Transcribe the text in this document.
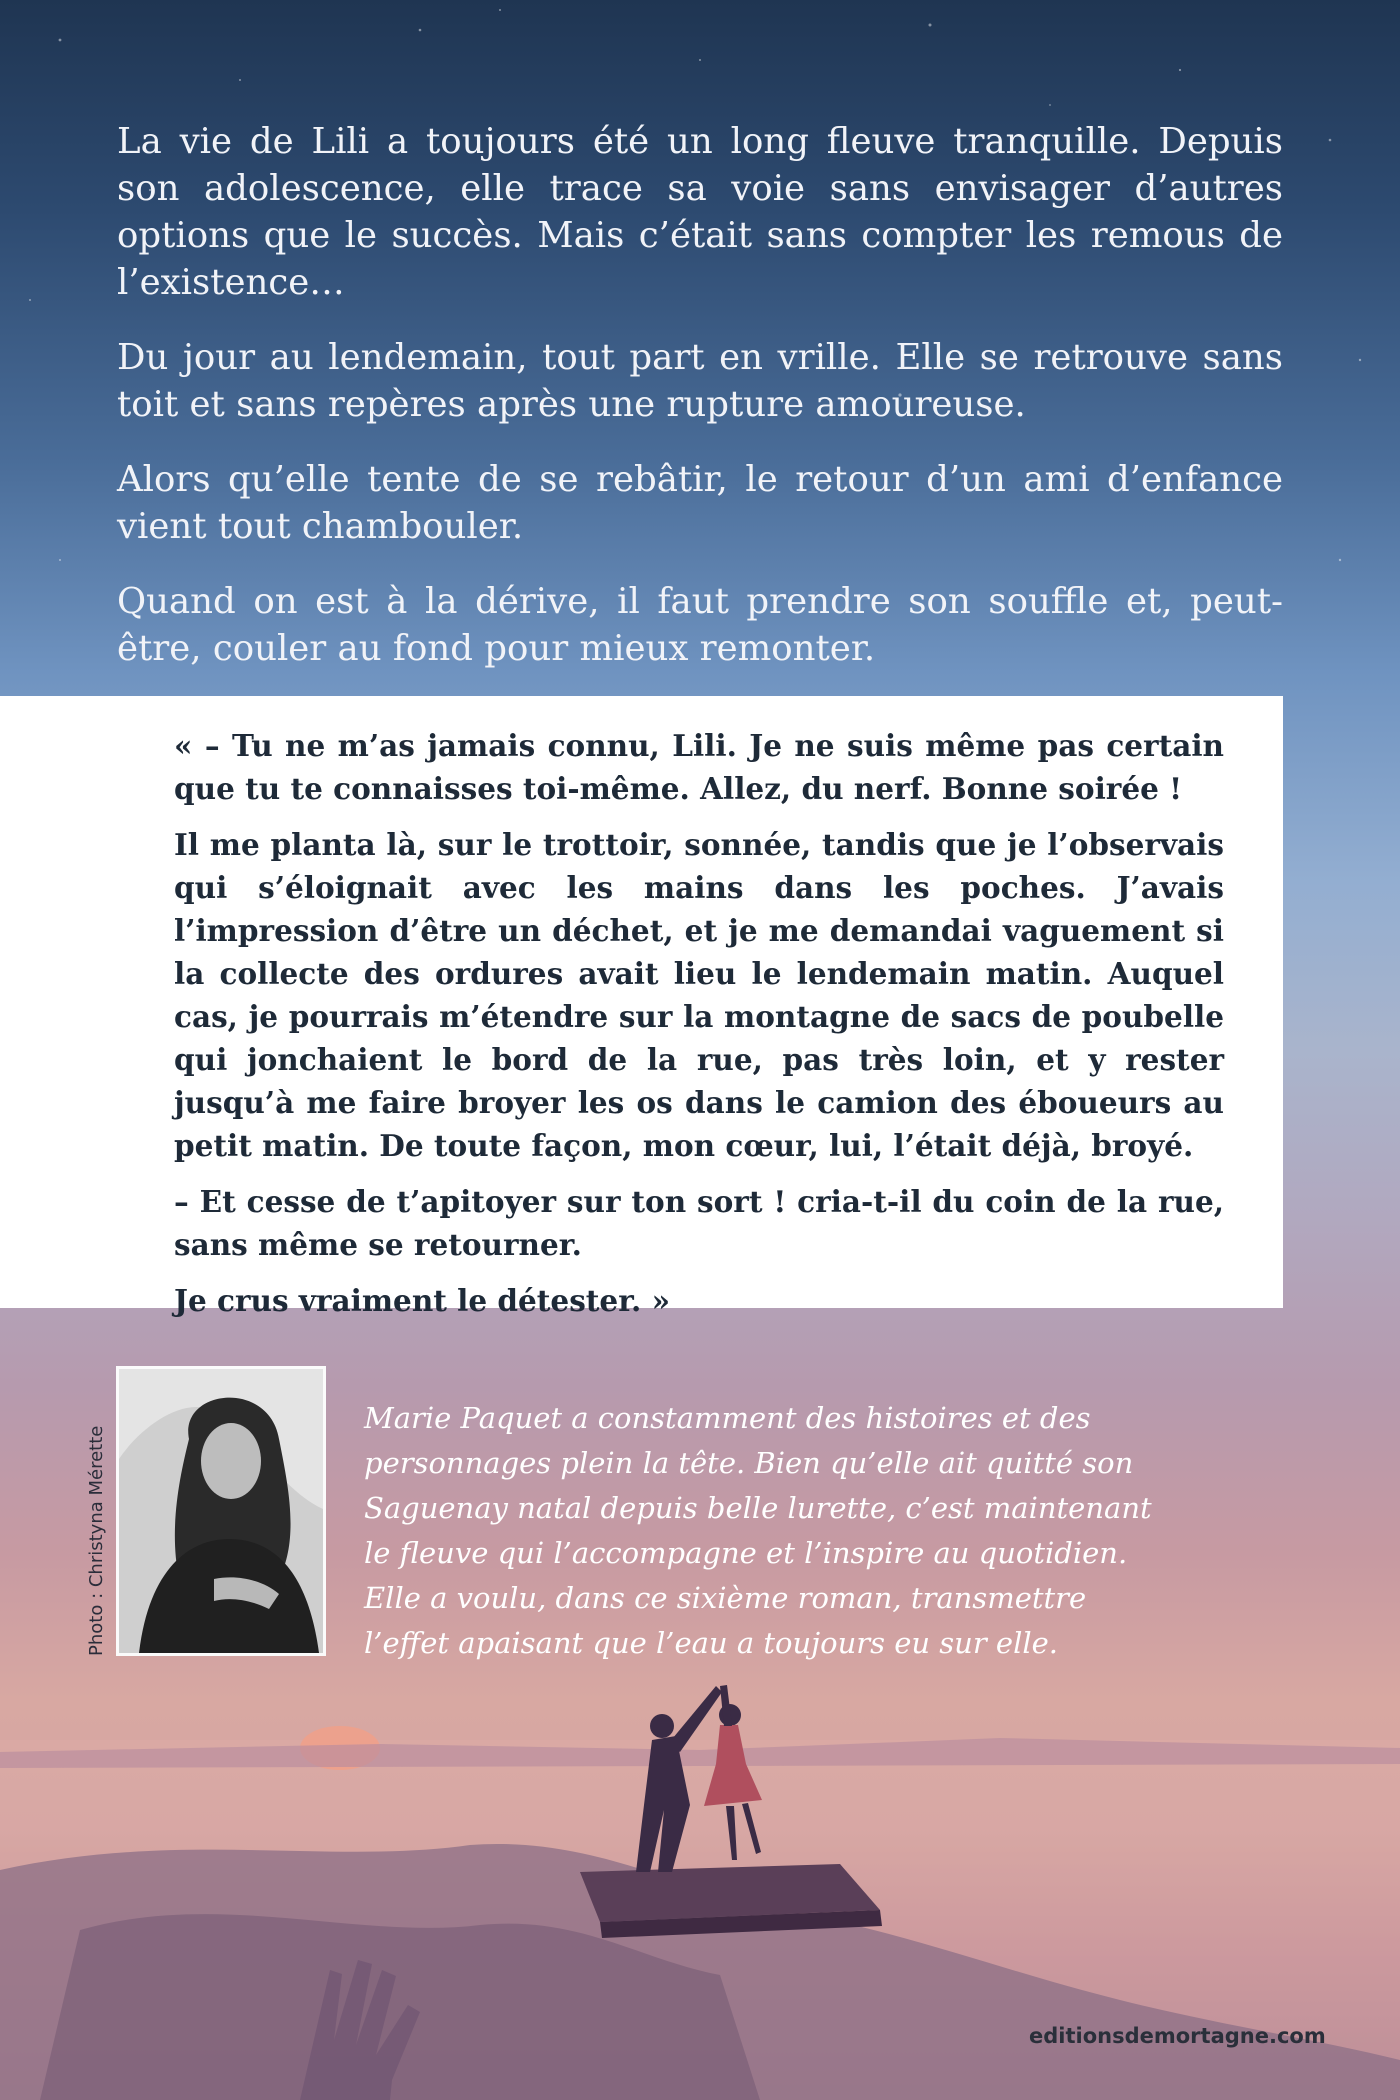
La vie de Lili a toujours été un long fleuve tranquille. Depuis son adolescence, elle trace sa voie sans envisager d’autres options que le succès. Mais c’était sans compter les remous de l’existence…

Du jour au lendemain, tout part en vrille. Elle se retrouve sans toit et sans repères après une rupture amoureuse.

Alors qu’elle tente de se rebâtir, le retour d’un ami d’enfance vient tout chambouler.

Quand on est à la dérive, il faut prendre son souffle et, peut-être, couler au fond pour mieux remonter.

« – Tu ne m’as jamais connu, Lili. Je ne suis même pas certain que tu te connaisses toi-même. Allez, du nerf. Bonne soirée !

Il me planta là, sur le trottoir, sonnée, tandis que je l’observais qui s’éloignait avec les mains dans les poches. J’avais l’impression d’être un déchet, et je me demandai vaguement si la collecte des ordures avait lieu le lendemain matin. Auquel cas, je pourrais m’étendre sur la montagne de sacs de poubelle qui jonchaient le bord de la rue, pas très loin, et y rester jusqu’à me faire broyer les os dans le camion des éboueurs au petit matin. De toute façon, mon cœur, lui, l’était déjà, broyé.

– Et cesse de t’apitoyer sur ton sort ! cria-t-il du coin de la rue, sans même se retourner.

Je crus vraiment le détester. »

Photo : Christyna Mérette
Marie Paquet a constamment des histoires et des personnages plein la tête. Bien qu’elle ait quitté son Saguenay natal depuis belle lurette, c’est maintenant le fleuve qui l’accompagne et l’inspire au quotidien. Elle a voulu, dans ce sixième roman, transmettre l’effet apaisant que l’eau a toujours eu sur elle.
editionsdemortagne.com
